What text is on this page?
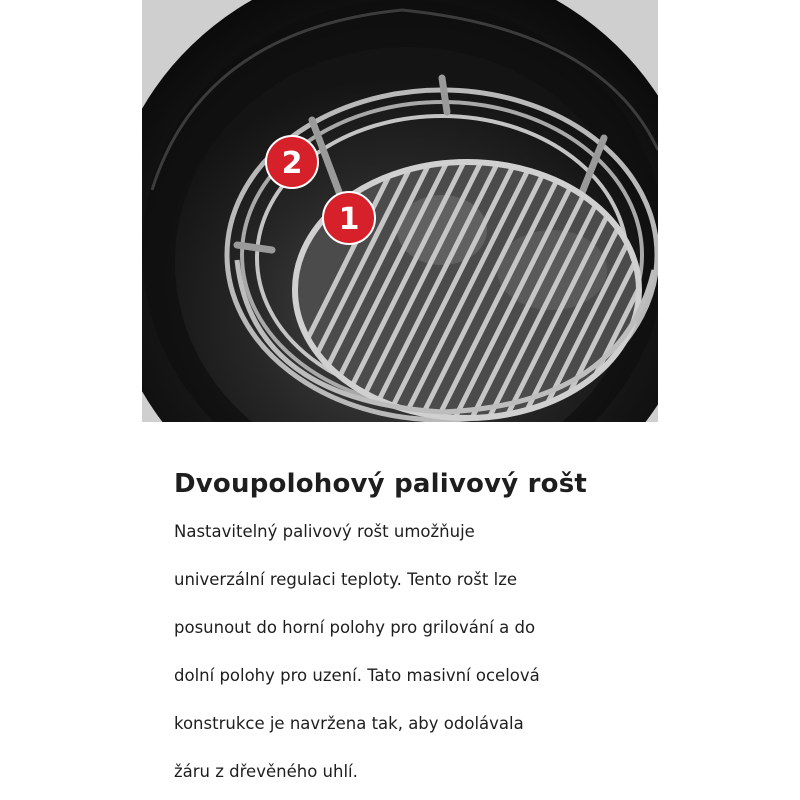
2
1
Dvoupolohový palivový rošt
Nastavitelný palivový rošt umožňuje
univerzální regulaci teploty. Tento rošt lze
posunout do horní polohy pro grilování a do
dolní polohy pro uzení. Tato masivní ocelová
konstrukce je navržena tak, aby odolávala
žáru z dřevěného uhlí.
